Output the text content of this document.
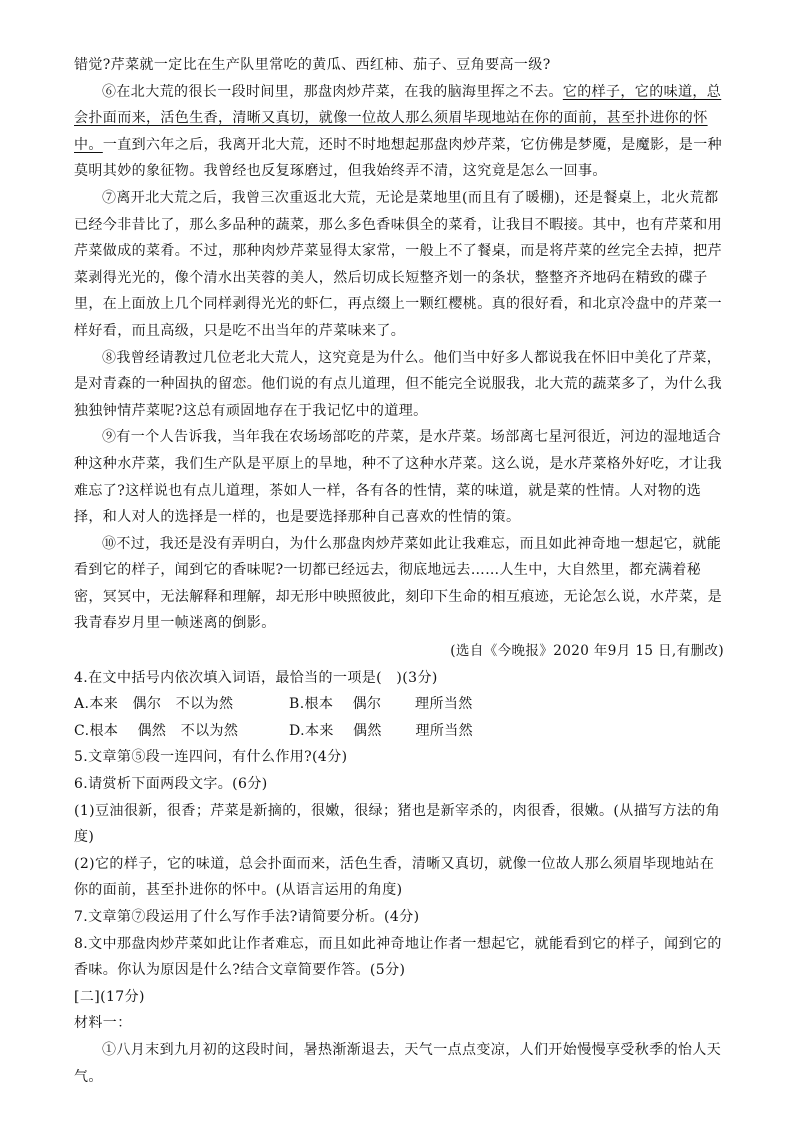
错觉?芹菜就一定比在生产队里常吃的黄瓜、西红柿、茄子、豆角要高一级?

⑥在北大荒的很长一段时间里，那盘肉炒芹菜，在我的脑海里挥之不去。它的样子，它的味道，总会扑面而来，活色生香，清晰又真切，就像一位故人那么须眉毕现地站在你的面前，甚至扑进你的怀中。一直到六年之后，我离开北大荒，还时不时地想起那盘肉炒芹菜，它仿佛是梦魇，是魔影，是一种莫明其妙的象征物。我曾经也反复琢磨过，但我始终弄不清，这究竟是怎么一回事。

⑦离开北大荒之后，我曾三次重返北大荒，无论是菜地里(而且有了暖棚)，还是餐桌上，北火荒都已经今非昔比了，那么多品种的蔬菜，那么多色香味俱全的菜肴，让我目不暇接。其中，也有芹菜和用芹菜做成的菜肴。不过，那种肉炒芹菜显得太家常，一般上不了餐桌，而是将芹菜的丝完全去掉，把芹菜剥得光光的，像个清水出芙蓉的美人，然后切成长短整齐划一的条状，整整齐齐地码在精致的碟子里，在上面放上几个同样剥得光光的虾仁，再点缀上一颗红樱桃。真的很好看，和北京冷盘中的芹菜一样好看，而且高级，只是吃不出当年的芹菜味来了。

⑧我曾经请教过几位老北大荒人，这究竟是为什么。他们当中好多人都说我在怀旧中美化了芹菜，是对青森的一种固执的留恋。他们说的有点儿道理，但不能完全说服我，北大荒的蔬菜多了，为什么我独独钟情芹菜呢?这总有顽固地存在于我记忆中的道理。

⑨有一个人告诉我，当年我在农场场部吃的芹菜，是水芹菜。场部离七星河很近，河边的湿地适合种这种水芹菜，我们生产队是平原上的旱地，种不了这种水芹菜。这么说，是水芹菜格外好吃，才让我难忘了?这样说也有点儿道理，茶如人一样，各有各的性情，菜的味道，就是菜的性情。人对物的选择，和人对人的选择是一样的，也是要选择那种自己喜欢的性情的策。

⑩不过，我还是没有弄明白，为什么那盘肉炒芹菜如此让我难忘，而且如此神奇地一想起它，就能看到它的样子，闻到它的香味呢?一切都已经远去，彻底地远去……人生中，大自然里，都充满着秘密，冥冥中，无法解释和理解，却无形中映照彼此，刻印下生命的相互痕迹，无论怎么说，水芹菜，是我青春岁月里一帧迷离的倒影。

(选自《今晚报》2020 年9月 15 日,有删改)

4.在文中括号内依次填入词语，最恰当的一项是(　)(3分)

A.本来　偶尔　 不以为然	B.根本　 偶尔　　 理所当然
C.根本　 偶然　 不以为然	D.本来　 偶然　　 理所当然

5.文章第⑤段一连四问，有什么作用?(4分)

6.请赏析下面两段文字。(6分)

(1)豆油很新，很香；芹菜是新摘的，很嫩，很绿；猪也是新宰杀的，肉很香，很嫩。(从描写方法的角度)

(2)它的样子，它的味道，总会扑面而来，活色生香，清晰又真切，就像一位故人那么须眉毕现地站在你的面前，甚至扑进你的怀中。(从语言运用的角度)

7.文章第⑦段运用了什么写作手法?请简要分析。(4分)

8.文中那盘肉炒芹菜如此让作者难忘，而且如此神奇地让作者一想起它，就能看到它的样子，闻到它的香味。你认为原因是什么?结合文章简要作答。(5分)

[二](17分)

材料一：

①八月末到九月初的这段时间，暑热渐渐退去，天气一点点变凉，人们开始慢慢享受秋季的怡人天气。
